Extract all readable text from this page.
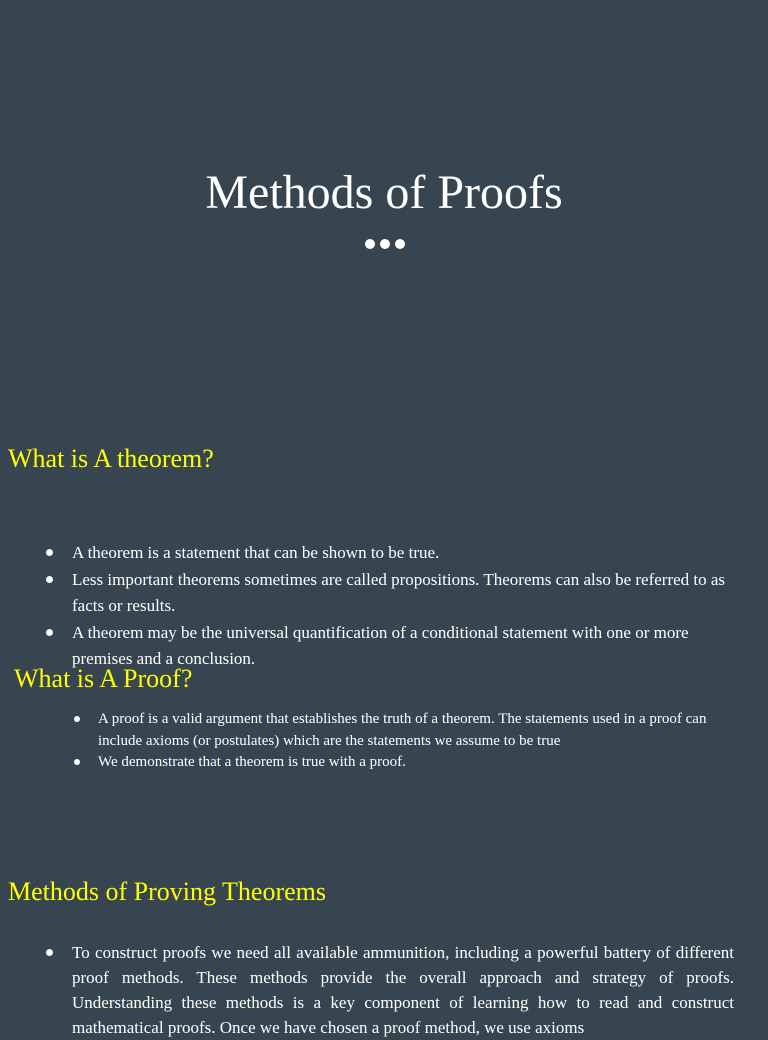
Methods of Proofs
What is A theorem?
A theorem is a statement that can be shown to be true.
Less important theorems sometimes are called propositions. Theorems can also be referred to as facts or results.
A theorem may be the universal quantification of a conditional statement with one or more premises and a conclusion.
What is A Proof?
A proof is a valid argument that establishes the truth of a theorem. The statements used in a proof can include axioms (or postulates) which are the statements we assume to be true
We demonstrate that a theorem is true with a proof.
Methods of Proving Theorems
To construct proofs we need all available ammunition, including a powerful battery of different proof methods. These methods provide the overall approach and strategy of proofs. Understanding these methods is a key component of learning how to read and construct mathematical proofs. Once we have chosen a proof method, we use axioms
